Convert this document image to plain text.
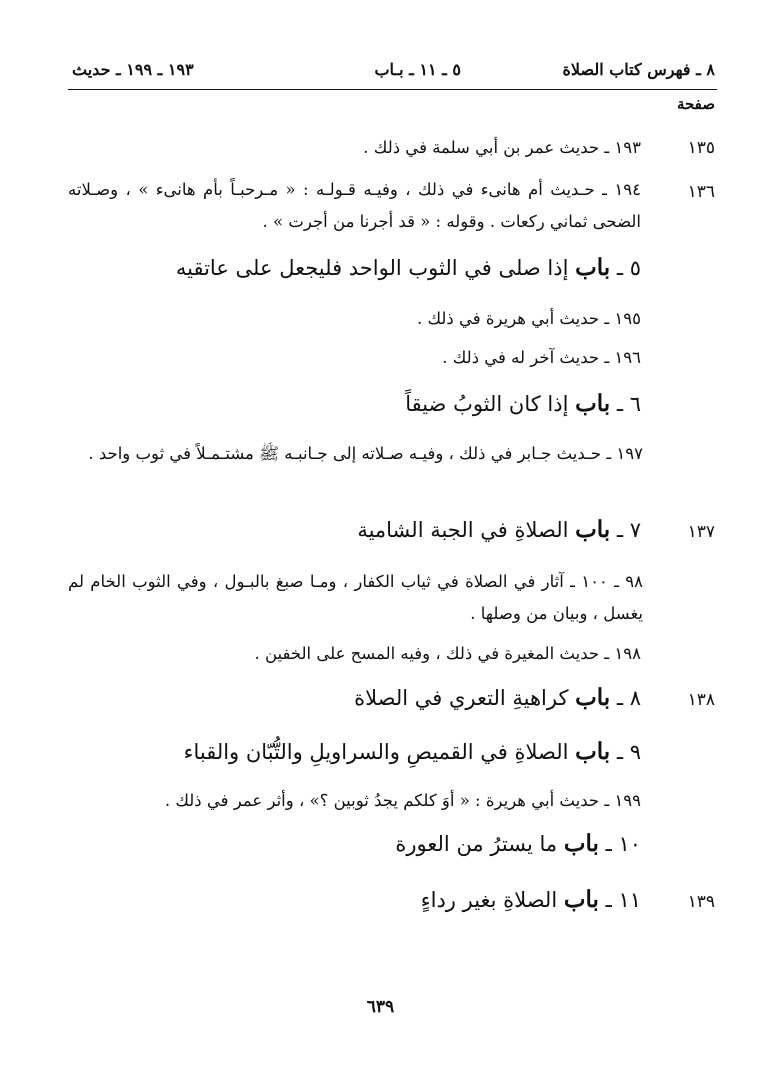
٨ ـ فهرس كتاب الصلاة
٥ ـ ١١ ـ بـاب
١٩٣ ـ ١٩٩ ـ حديث
صفحة
١٣٥
١٩٣ ـ حديث عمر بن أبي سلمة في ذلك .
١٣٦
١٩٤ ـ حـديث أم هانىء في ذلك ، وفيـه قـولـه : « مـرحبـاً بأم هانىء » ، وصـلاته الضحى ثماني ركعات . وقوله : « قد أجرنا من أجرت » .
٥ ـ باب إذا صلى في الثوب الواحد فليجعل على عاتقيه
١٩٥ ـ حديث أبي هريرة في ذلك .
١٩٦ ـ حديث آخر له في ذلك .
٦ ـ باب إذا كان الثوبُ ضيقاً
١٩٧ ـ حـديث جـابر في ذلك ، وفيـه صـلاته إلى جـانبـه ﷺ مشتـمـلاً في ثوب واحد .
١٣٧
٧ ـ باب الصلاةِ في الجبة الشامية
٩٨ ـ ١٠٠ ـ آثار في الصلاة في ثياب الكفار ، ومـا صبغ بالبـول ، وفي الثوب الخام لم يغسل ، وبيان من وصلها .
١٩٨ ـ حديث المغيرة في ذلك ، وفيه المسح على الخفين .
١٣٨
٨ ـ باب كراهيةِ التعري في الصلاة
٩ ـ باب الصلاةِ في القميصِ والسراويلِ والتُّبّان والقباء
١٩٩ ـ حديث أبي هريرة : « أوَ كلكم يجدُ ثوبين ؟» ، وأثر عمر في ذلك .
١٠ ـ باب ما يسترُ من العورة
١٣٩
١١ ـ باب الصلاةِ بغير رداءٍ
٦٣٩
